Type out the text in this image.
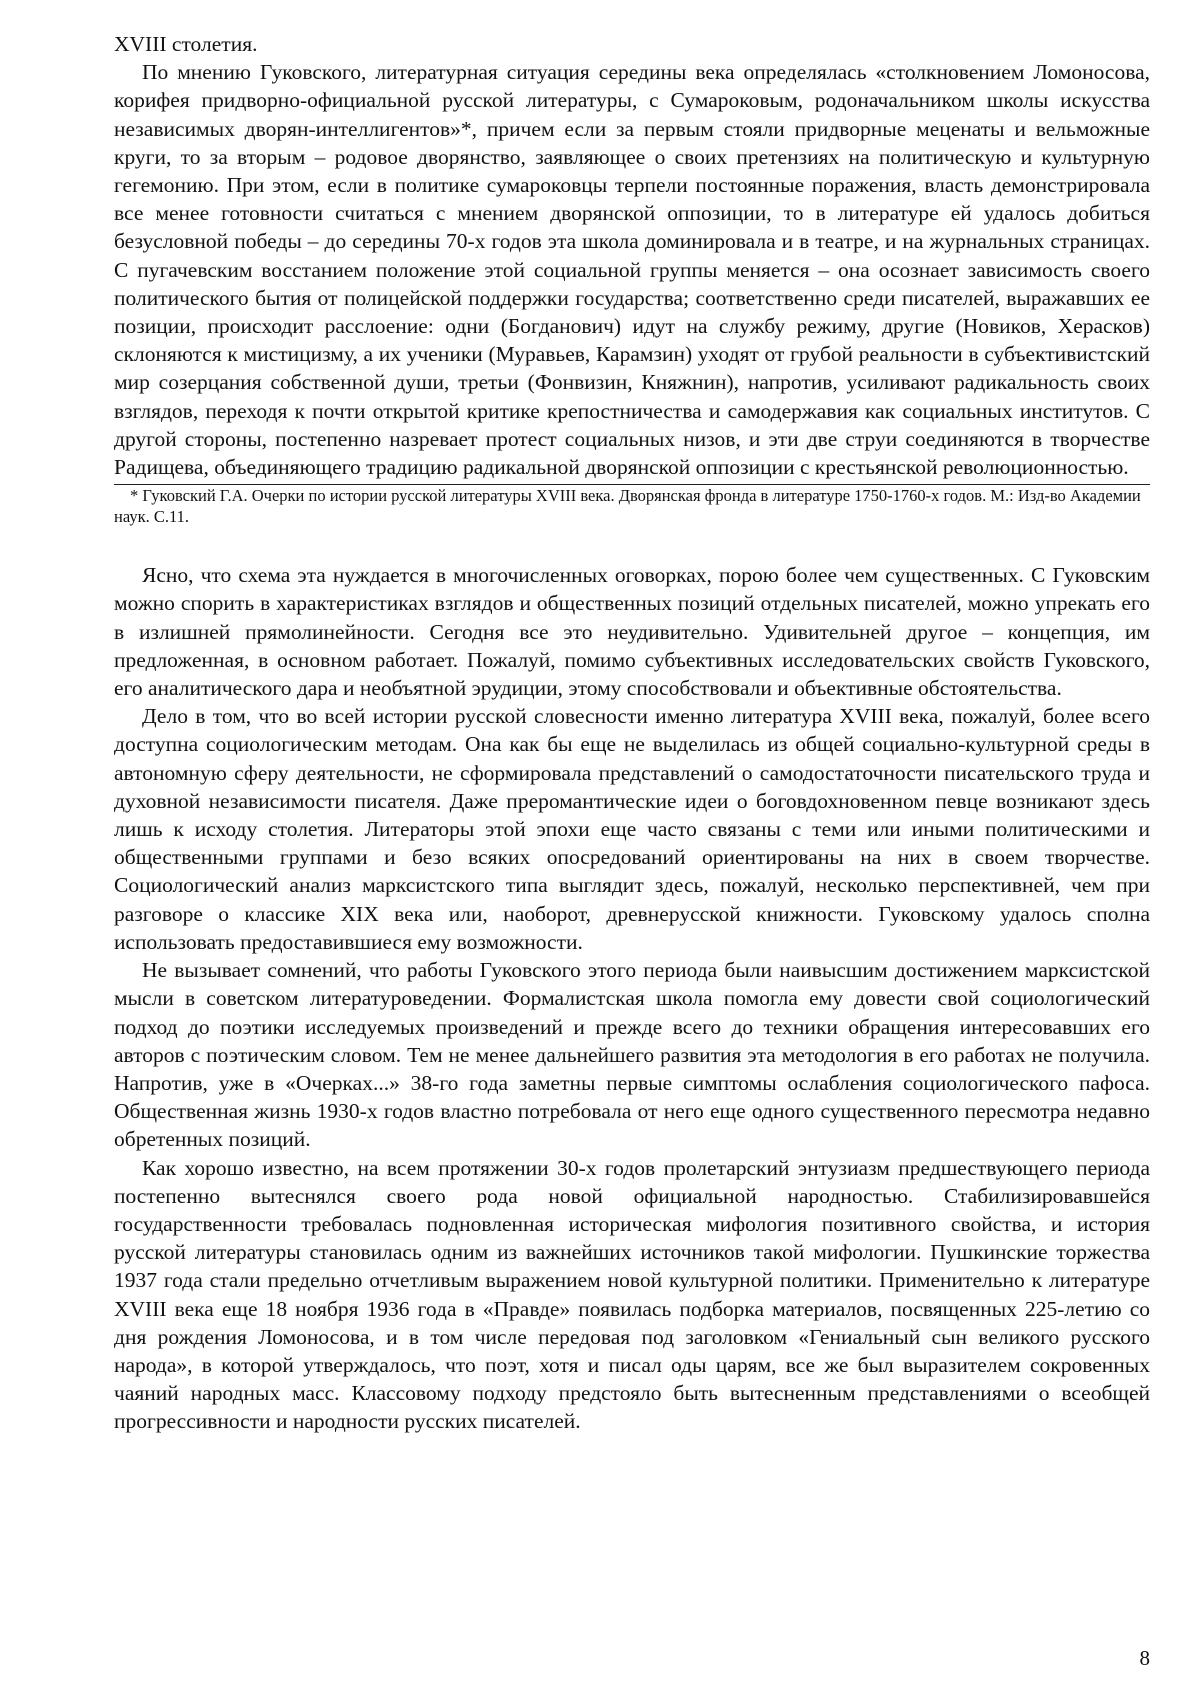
XVIII столетия.

По мнению Гуковского, литературная ситуация середины века определялась «столкновением Ломоносова, корифея придворно-официальной русской литературы, с Сумароковым, родоначальником школы искусства независимых дворян-интеллигентов»*, причем если за первым стояли придворные меценаты и вельможные круги, то за вторым – родовое дворянство, заявляющее о своих претензиях на политическую и культурную гегемонию. При этом, если в политике сумароковцы терпели постоянные поражения, власть демонстрировала все менее готовности считаться с мнением дворянской оппозиции, то в литературе ей удалось добиться безусловной победы – до середины 70-х годов эта школа доминировала и в театре, и на журнальных страницах. С пугачевским восстанием положение этой социальной группы меняется – она осознает зависимость своего политического бытия от полицейской поддержки государства; соответственно среди писателей, выражавших ее позиции, происходит расслоение: одни (Богданович) идут на службу режиму, другие (Новиков, Херасков) склоняются к мистицизму, а их ученики (Муравьев, Карамзин) уходят от грубой реальности в субъективистский мир созерцания собственной души, третьи (Фонвизин, Княжнин), напротив, усиливают радикальность своих взглядов, переходя к почти открытой критике крепостничества и самодержавия как социальных институтов. С другой стороны, постепенно назревает протест социальных низов, и эти две струи соединяются в творчестве Радищева, объединяющего традицию радикальной дворянской оппозиции с крестьянской революционностью.

* Гуковский Г.А. Очерки по истории русской литературы XVIII века. Дворянская фронда в литературе 1750-1760-х годов. М.: Изд-во Академии наук. С.11.

Ясно, что схема эта нуждается в многочисленных оговорках, порою более чем существенных. С Гуковским можно спорить в характеристиках взглядов и общественных позиций отдельных писателей, можно упрекать его в излишней прямолинейности. Сегодня все это неудивительно. Удивительней другое – концепция, им предложенная, в основном работает. Пожалуй, помимо субъективных исследовательских свойств Гуковского, его аналитического дара и необъятной эрудиции, этому способствовали и объективные обстоятельства.

Дело в том, что во всей истории русской словесности именно литература XVIII века, пожалуй, более всего доступна социологическим методам. Она как бы еще не выделилась из общей социально-культурной среды в автономную сферу деятельности, не сформировала представлений о самодостаточности писательского труда и духовной независимости писателя. Даже преромантические идеи о боговдохновенном певце возникают здесь лишь к исходу столетия. Литераторы этой эпохи еще часто связаны с теми или иными политическими и общественными группами и безо всяких опосредований ориентированы на них в своем творчестве. Социологический анализ марксистского типа выглядит здесь, пожалуй, несколько перспективней, чем при разговоре о классике XIX века или, наоборот, древнерусской книжности. Гуковскому удалось сполна использовать предоставившиеся ему возможности.

Не вызывает сомнений, что работы Гуковского этого периода были наивысшим достижением марксистской мысли в советском литературоведении. Формалистская школа помогла ему довести свой социологический подход до поэтики исследуемых произведений и прежде всего до техники обращения интересовавших его авторов с поэтическим словом. Тем не менее дальнейшего развития эта методология в его работах не получила. Напротив, уже в «Очерках...» 38-го года заметны первые симптомы ослабления социологического пафоса. Общественная жизнь 1930-х годов властно потребовала от него еще одного существенного пересмотра недавно обретенных позиций.

Как хорошо известно, на всем протяжении 30-х годов пролетарский энтузиазм предшествующего периода постепенно вытеснялся своего рода новой официальной народностью. Стабилизировавшейся государственности требовалась подновленная историческая мифология позитивного свойства, и история русской литературы становилась одним из важнейших источников такой мифологии. Пушкинские торжества 1937 года стали предельно отчетливым выражением новой культурной политики. Применительно к литературе XVIII века еще 18 ноября 1936 года в «Правде» появилась подборка материалов, посвященных 225-летию со дня рождения Ломоносова, и в том числе передовая под заголовком «Гениальный сын великого русского народа», в которой утверждалось, что поэт, хотя и писал оды царям, все же был выразителем сокровенных чаяний народных масс. Классовому подходу предстояло быть вытесненным представлениями о всеобщей прогрессивности и народности русских писателей.

8
